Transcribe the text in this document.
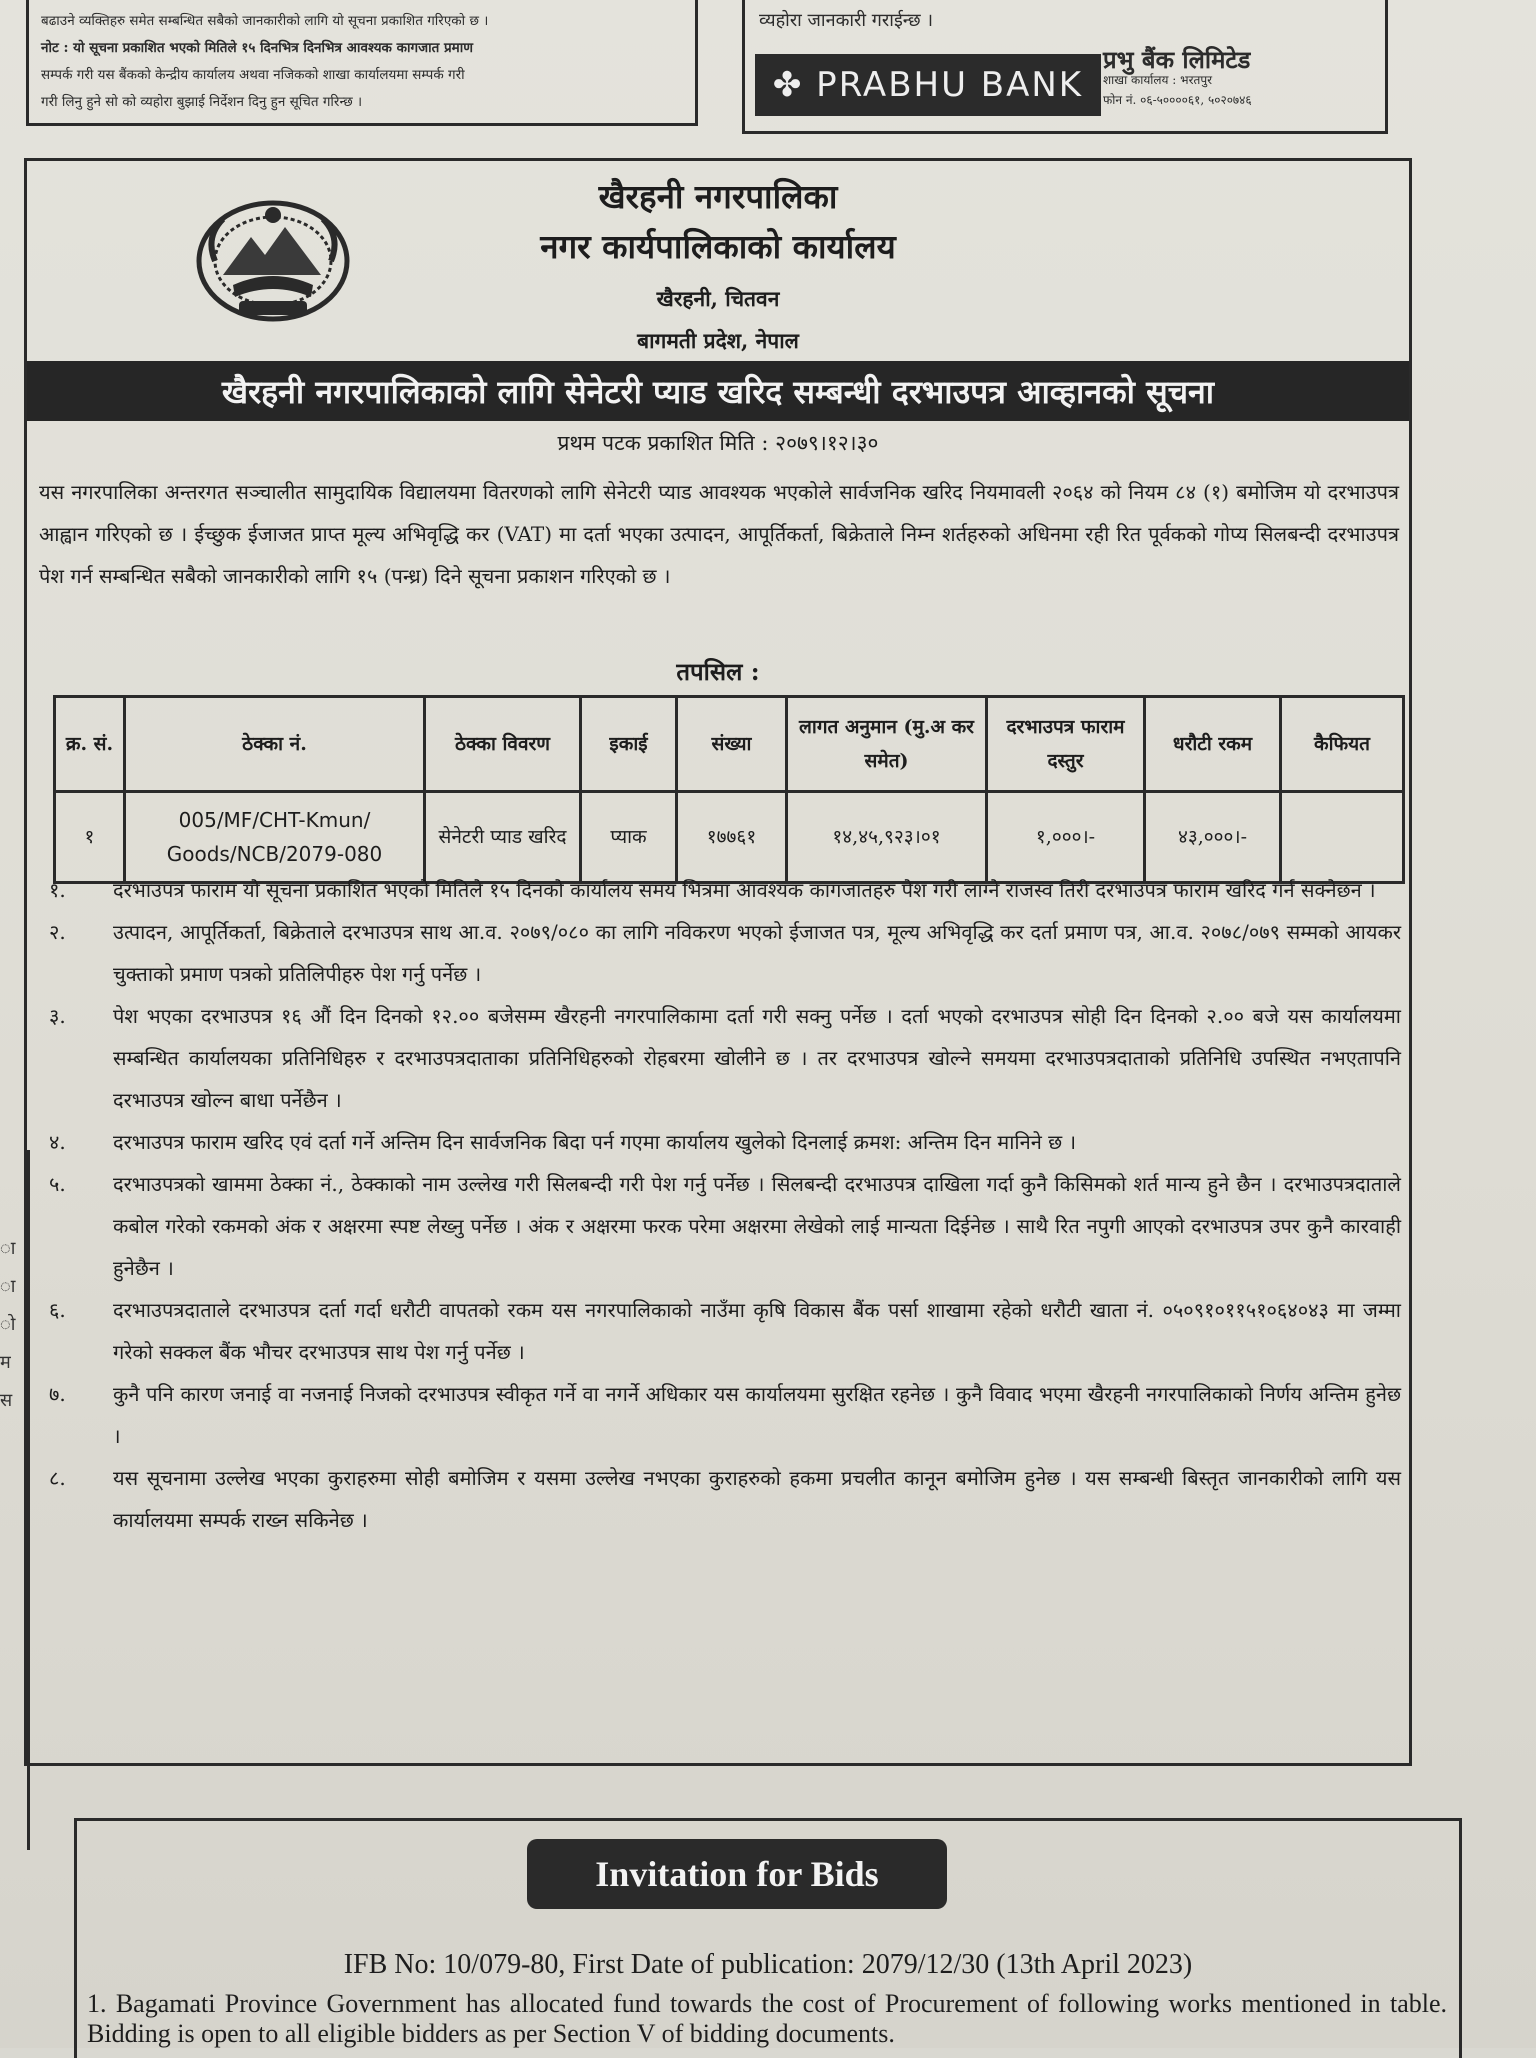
बढाउने व्यक्तिहरु समेत सम्बन्धित सबैको जानकारीको लागि यो सूचना प्रकाशित गरिएको छ ।
नोट : यो सूचना प्रकाशित भएको मितिले १५ दिनभित्र दिनभित्र आवश्यक कागजात प्रमाण
सम्पर्क गरी यस बैंकको केन्द्रीय कार्यालय अथवा नजिकको शाखा कार्यालयमा सम्पर्क गरी
गरी लिनु हुने सो को व्यहोरा बुझाई निर्देशन दिनु हुन सूचित गरिन्छ ।
व्यहोरा जानकारी गराईन्छ ।
✤ PRABHU BANK
प्रभु बैंक लिमिटेड
शाखा कार्यालय : भरतपुर
फोन नं. ०६-५००००६१, ५०२०७४६
खैरहनी नगरपालिका
नगर कार्यपालिकाको कार्यालय
खैरहनी, चितवन
बागमती प्रदेश, नेपाल
खैरहनी नगरपालिकाको लागि सेनेटरी प्याड खरिद सम्बन्धी दरभाउपत्र आव्हानको सूचना
प्रथम पटक प्रकाशित मिति : २०७९।१२।३०
यस नगरपालिका अन्तरगत सञ्चालीत सामुदायिक विद्यालयमा वितरणको लागि सेनेटरी प्याड आवश्यक भएकोले सार्वजनिक खरिद नियमावली २०६४ को नियम ८४ (१) बमोजिम यो दरभाउपत्र आह्वान गरिएको छ । ईच्छुक ईजाजत प्राप्त मूल्य अभिवृद्धि कर (VAT) मा दर्ता भएका उत्पादन, आपूर्तिकर्ता, बिक्रेताले निम्न शर्तहरुको अधिनमा रही रित पूर्वकको गोप्य सिलबन्दी दरभाउपत्र पेश गर्न सम्बन्धित सबैको जानकारीको लागि १५ (पन्ध्र) दिने सूचना प्रकाशन गरिएको छ ।
तपसिल :
क्र. सं.	ठेक्का नं.	ठेक्का विवरण	इकाई	संख्या	लागत अनुमान (मु.अ कर समेत)	दरभाउपत्र फाराम दस्तुर	धरौटी रकम	कैफियत
१	005/MF/CHT-Kmun/ Goods/NCB/2079-080	सेनेटरी प्याड खरिद	प्याक	१७७६१	१४,४५,९२३।०१	१,०००।-	४३,०००।-	
१. दरभाउपत्र फाराम यो सूचना प्रकाशित भएको मितिले १५ दिनको कार्यालय समय भित्रमा आवश्यक कागजातहरु पेश गरी लाग्ने राजस्व तिरी दरभाउपत्र फाराम खरिद गर्न सक्नेछन ।
२. उत्पादन, आपूर्तिकर्ता, बिक्रेताले दरभाउपत्र साथ आ.व. २०७९/०८० का लागि नविकरण भएको ईजाजत पत्र, मूल्य अभिवृद्धि कर दर्ता प्रमाण पत्र, आ.व. २०७८/०७९ सम्मको आयकर चुक्ताको प्रमाण पत्रको प्रतिलिपीहरु पेश गर्नु पर्नेछ ।
३. पेश भएका दरभाउपत्र १६ औं दिन दिनको १२.०० बजेसम्म खैरहनी नगरपालिकामा दर्ता गरी सक्नु पर्नेछ । दर्ता भएको दरभाउपत्र सोही दिन दिनको २.०० बजे यस कार्यालयमा सम्बन्धित कार्यालयका प्रतिनिधिहरु र दरभाउपत्रदाताका प्रतिनिधिहरुको रोहबरमा खोलीने छ । तर दरभाउपत्र खोल्ने समयमा दरभाउपत्रदाताको प्रतिनिधि उपस्थित नभएतापनि दरभाउपत्र खोल्न बाधा पर्नेछैन ।
४. दरभाउपत्र फाराम खरिद एवं दर्ता गर्ने अन्तिम दिन सार्वजनिक बिदा पर्न गएमा कार्यालय खुलेको दिनलाई क्रमश: अन्तिम दिन मानिने छ ।
५. दरभाउपत्रको खाममा ठेक्का नं., ठेक्काको नाम उल्लेख गरी सिलबन्दी गरी पेश गर्नु पर्नेछ । सिलबन्दी दरभाउपत्र दाखिला गर्दा कुनै किसिमको शर्त मान्य हुने छैन । दरभाउपत्रदाताले कबोल गरेको रकमको अंक र अक्षरमा स्पष्ट लेख्नु पर्नेछ । अंक र अक्षरमा फरक परेमा अक्षरमा लेखेको लाई मान्यता दिईनेछ । साथै रित नपुगी आएको दरभाउपत्र उपर कुनै कारवाही हुनेछैन ।
६. दरभाउपत्रदाताले दरभाउपत्र दर्ता गर्दा धरौटी वापतको रकम यस नगरपालिकाको नाउँमा कृषि विकास बैंक पर्सा शाखामा रहेको धरौटी खाता नं. ०५०९१०११५१०६४०४३ मा जम्मा गरेको सक्कल बैंक भौचर दरभाउपत्र साथ पेश गर्नु पर्नेछ ।
७. कुनै पनि कारण जनाई वा नजनाई निजको दरभाउपत्र स्वीकृत गर्ने वा नगर्ने अधिकार यस कार्यालयमा सुरक्षित रहनेछ । कुनै विवाद भएमा खैरहनी नगरपालिकाको निर्णय अन्तिम हुनेछ ।
८. यस सूचनामा उल्लेख भएका कुराहरुमा सोही बमोजिम र यसमा उल्लेख नभएका कुराहरुको हकमा प्रचलीत कानून बमोजिम हुनेछ । यस सम्बन्धी बिस्तृत जानकारीको लागि यस कार्यालयमा सम्पर्क राख्न सकिनेछ ।
ा
ा
ो
म
स
Invitation for Bids
IFB No: 10/079-80, First Date of publication: 2079/12/30 (13th April 2023)
1. Bagamati Province Government has allocated fund towards the cost of Procurement of following works mentioned in table. Bidding is open to all eligible bidders as per Section V of bidding documents.
